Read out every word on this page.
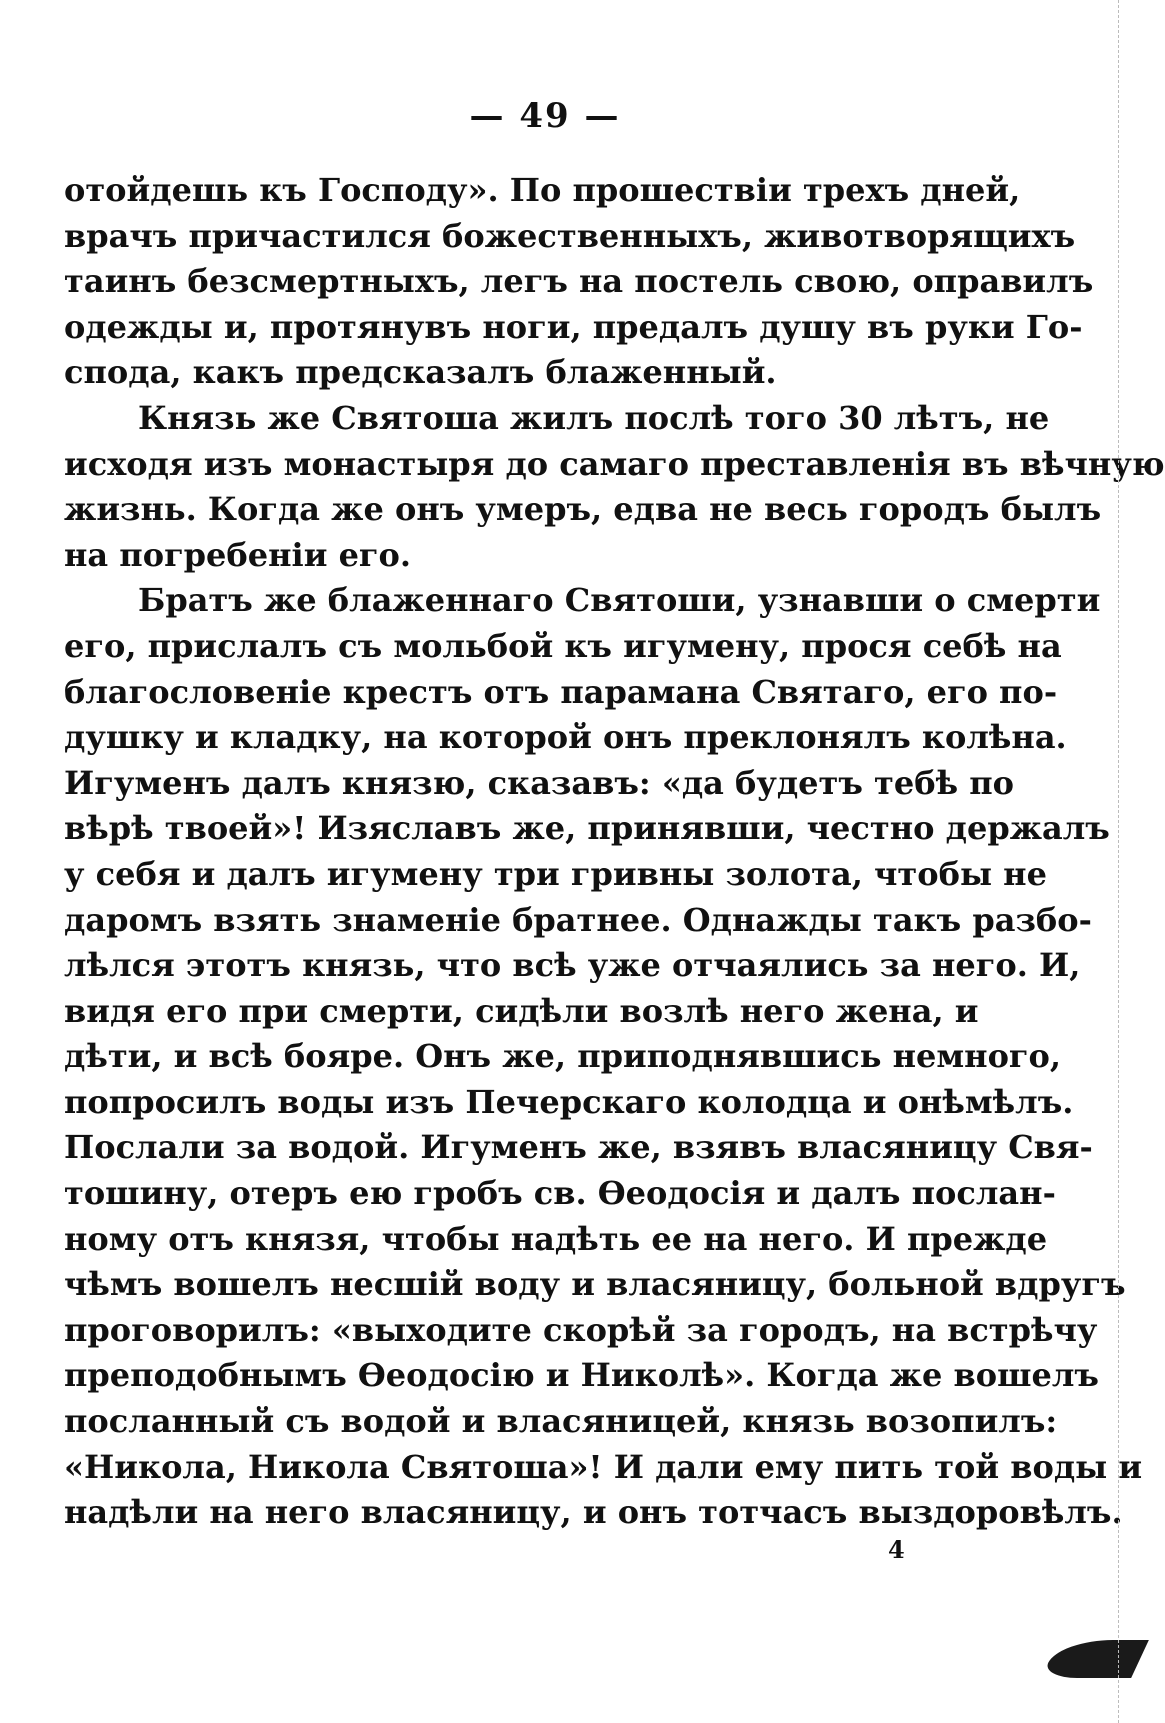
— 49 —
отойдешь къ Господу». По прошествіи трехъ дней,
врачъ причастился божественныхъ, животворящихъ
таинъ безсмертныхъ, легъ на постель свою, оправилъ
одежды и, протянувъ ноги, предалъ душу въ руки Го-
спода, какъ предсказалъ блаженный.
Князь же Святоша жилъ послѣ того 30 лѣтъ, не
исходя изъ монастыря до самаго преставленія въ вѣчную
жизнь. Когда же онъ умеръ, едва не весь городъ былъ
на погребеніи его.
Братъ же блаженнаго Святоши, узнавши о смерти
его, прислалъ съ мольбой къ игумену, прося себѣ на
благословеніе крестъ отъ парамана Святаго, его по-
душку и кладку, на которой онъ преклонялъ колѣна.
Игуменъ далъ князю, сказавъ: «да будетъ тебѣ по
вѣрѣ твоей»! Изяславъ же, принявши, честно держалъ
у себя и далъ игумену три гривны золота, чтобы не
даромъ взять знаменіе братнее. Однажды такъ разбо-
лѣлся этотъ князь, что всѣ уже отчаялись за него. И,
видя его при смерти, сидѣли возлѣ него жена, и
дѣти, и всѣ бояре. Онъ же, приподнявшись немного,
попросилъ воды изъ Печерскаго колодца и онѣмѣлъ.
Послали за водой. Игуменъ же, взявъ власяницу Свя-
тошину, отеръ ею гробъ св. Ѳеодосія и далъ послан-
ному отъ князя, чтобы надѣть ее на него. И прежде
чѣмъ вошелъ несшій воду и власяницу, больной вдругъ
проговорилъ: «выходите скорѣй за городъ, на встрѣчу
преподобнымъ Ѳеодосію и Николѣ». Когда же вошелъ
посланный съ водой и власяницей, князь возопилъ:
«Никола, Никола Святоша»! И дали ему пить той воды и
надѣли на него власяницу, и онъ тотчасъ выздоровѣлъ.
4
